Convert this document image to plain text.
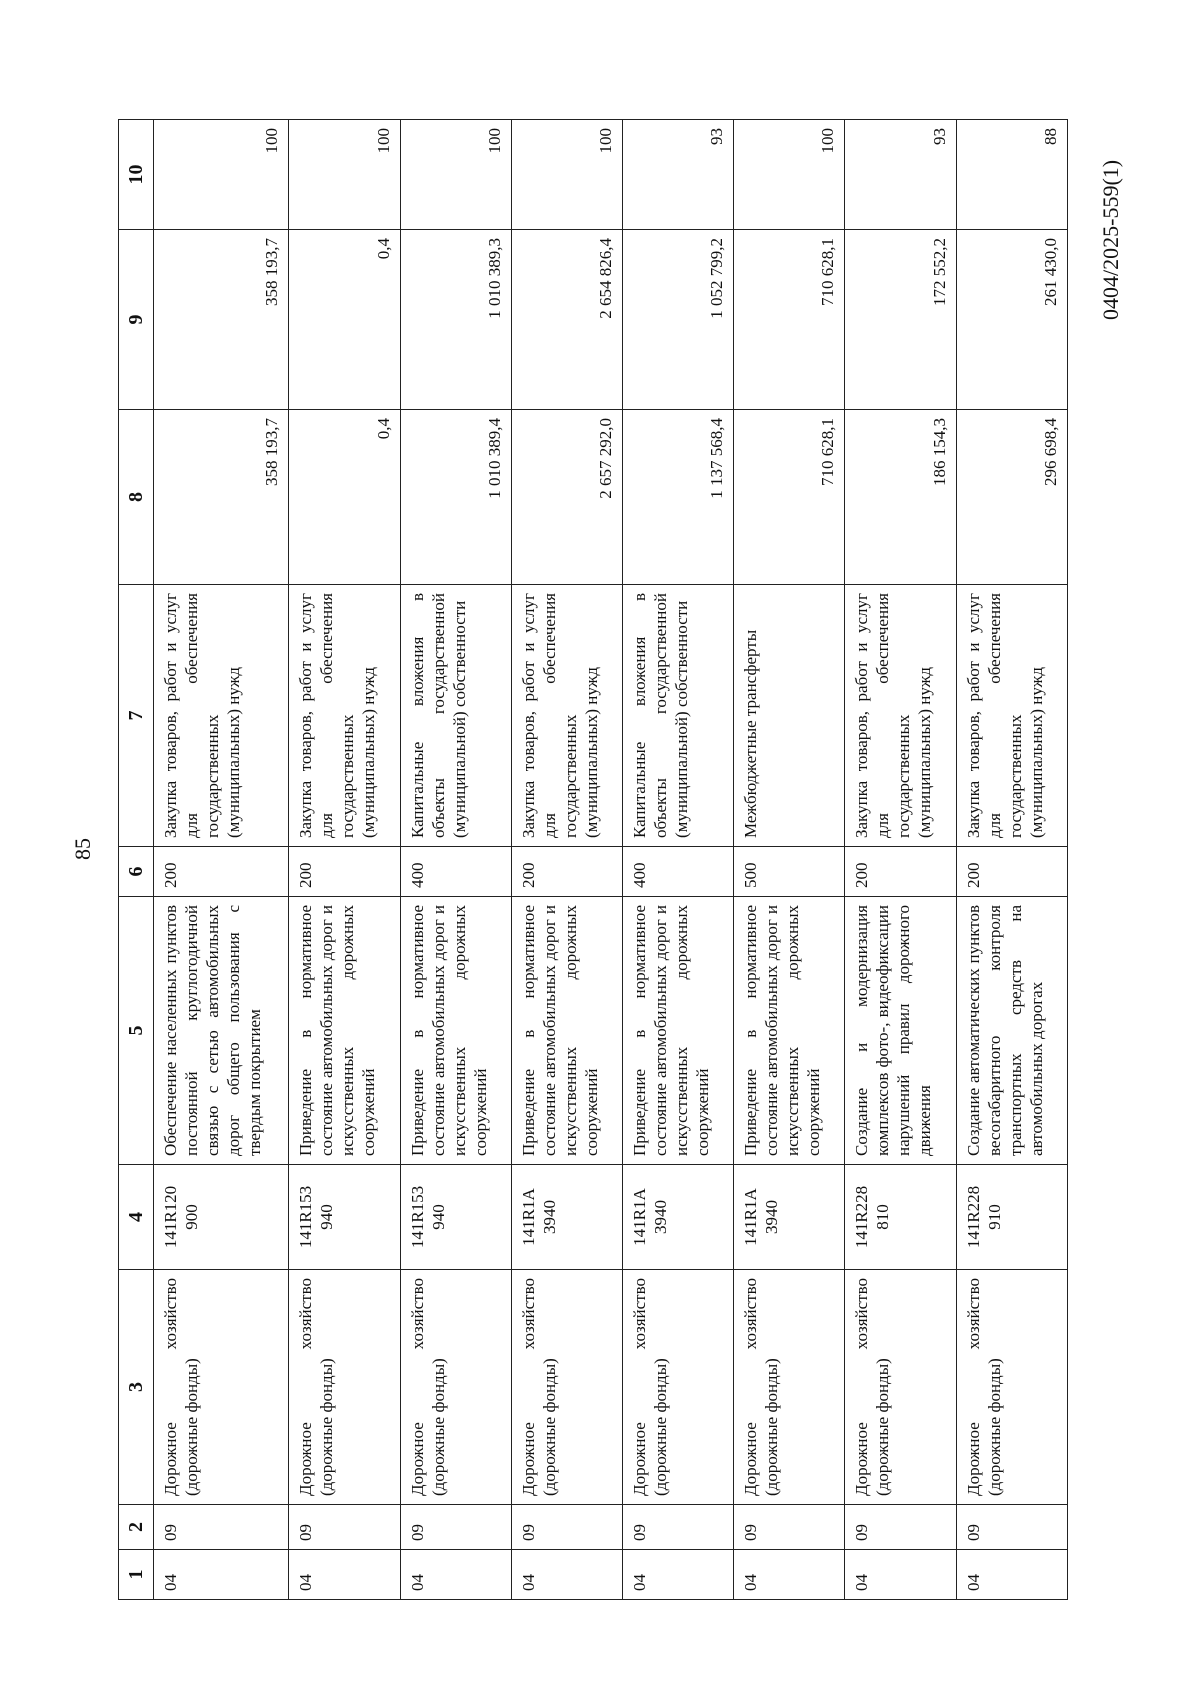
85
0404/2025-559(1)
1	2	3	4	5	6	7	8	9	10
04	09	Дорожное хозяйство (дорожные фонды)	141R120 900	Обеспечение населенных пунктов постоянной круглогодичной связью с сетью автомобильных дорог общего пользования с твердым покрытием	200	Закупка товаров, работ и услуг для обеспечения государственных (муниципальных) нужд	358 193,7	358 193,7	100
04	09	Дорожное хозяйство (дорожные фонды)	141R153 940	Приведение в нормативное состояние автомобильных дорог и искусственных дорожных сооружений	200	Закупка товаров, работ и услуг для обеспечения государственных (муниципальных) нужд	0,4	0,4	100
04	09	Дорожное хозяйство (дорожные фонды)	141R153 940	Приведение в нормативное состояние автомобильных дорог и искусственных дорожных сооружений	400	Капитальные вложения в объекты государственной (муниципальной) собственности	1 010 389,4	1 010 389,3	100
04	09	Дорожное хозяйство (дорожные фонды)	141R1A 3940	Приведение в нормативное состояние автомобильных дорог и искусственных дорожных сооружений	200	Закупка товаров, работ и услуг для обеспечения государственных (муниципальных) нужд	2 657 292,0	2 654 826,4	100
04	09	Дорожное хозяйство (дорожные фонды)	141R1A 3940	Приведение в нормативное состояние автомобильных дорог и искусственных дорожных сооружений	400	Капитальные вложения в объекты государственной (муниципальной) собственности	1 137 568,4	1 052 799,2	93
04	09	Дорожное хозяйство (дорожные фонды)	141R1A 3940	Приведение в нормативное состояние автомобильных дорог и искусственных дорожных сооружений	500	Межбюджетные трансферты	710 628,1	710 628,1	100
04	09	Дорожное хозяйство (дорожные фонды)	141R228 810	Создание и модернизация комплексов фото-, видеофиксации нарушений правил дорожного движения	200	Закупка товаров, работ и услуг для обеспечения государственных (муниципальных) нужд	186 154,3	172 552,2	93
04	09	Дорожное хозяйство (дорожные фонды)	141R228 910	Создание автоматических пунктов весогабаритного контроля транспортных средств на автомобильных дорогах	200	Закупка товаров, работ и услуг для обеспечения государственных (муниципальных) нужд	296 698,4	261 430,0	88
